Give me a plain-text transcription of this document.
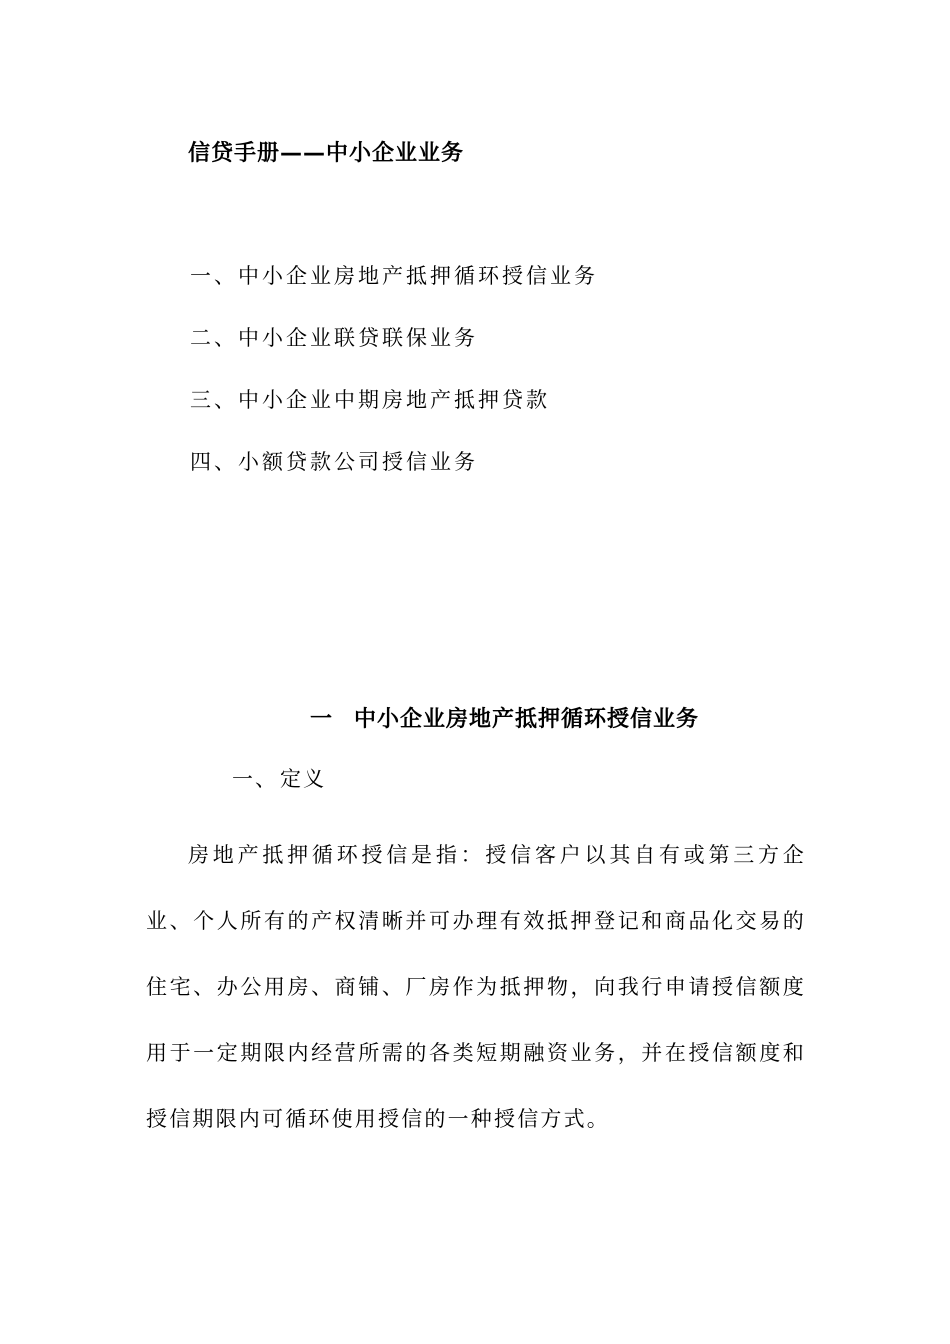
信贷手册——中小企业业务
一、中小企业房地产抵押循环授信业务
二、中小企业联贷联保业务
三、中小企业中期房地产抵押贷款
四、小额贷款公司授信业务
一 中小企业房地产抵押循环授信业务
一、定义

房地产抵押循环授信是指：授信客户以其自有或第三方企业、个人所有的产权清晰并可办理有效抵押登记和商品化交易的住宅、办公用房、商铺、厂房作为抵押物，向我行申请授信额度用于一定期限内经营所需的各类短期融资业务，并在授信额度和授信期限内可循环使用授信的一种授信方式。
